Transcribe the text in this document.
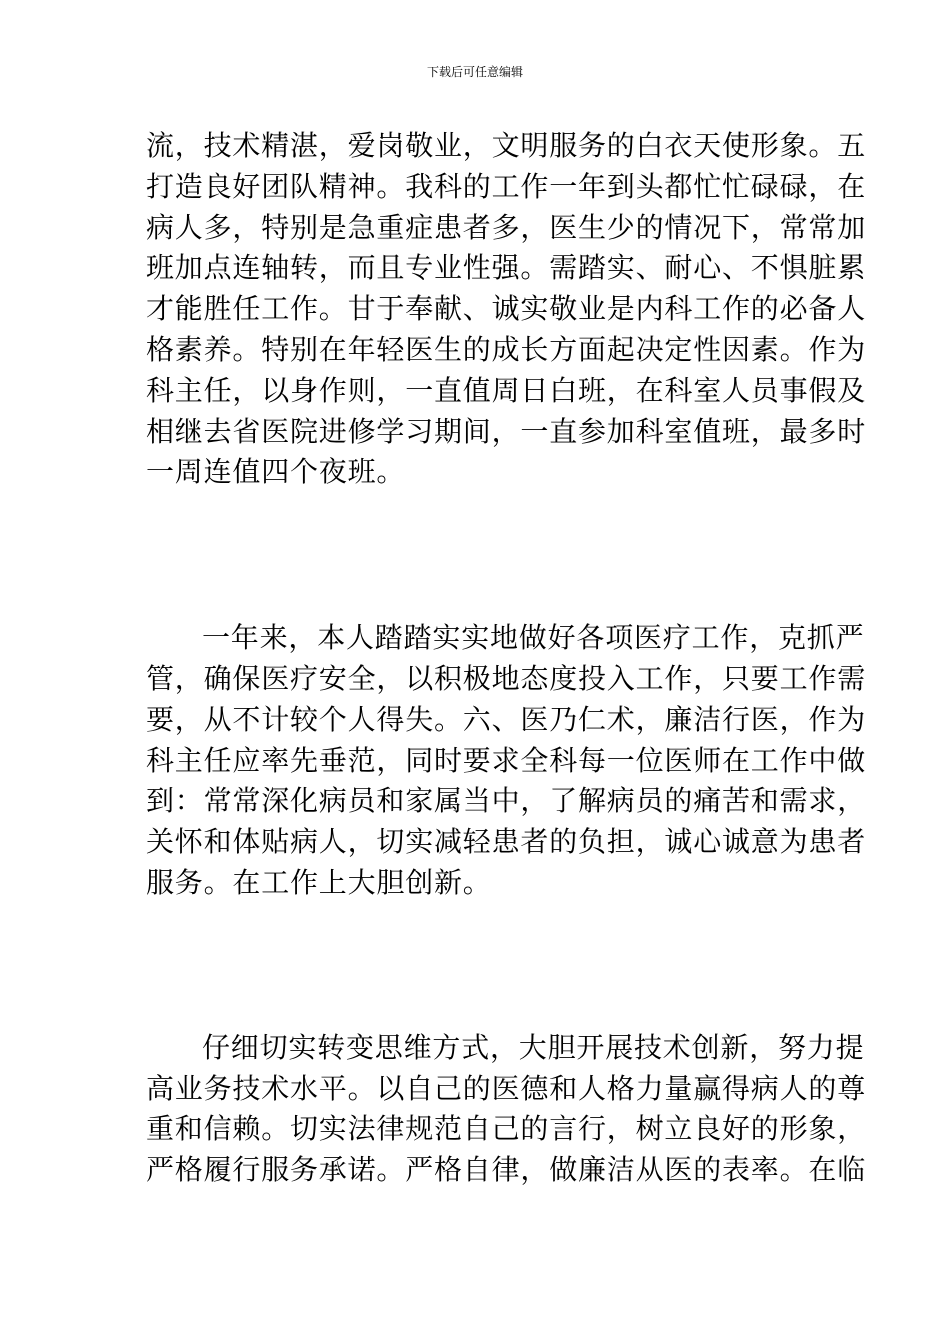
下载后可任意编辑
流，技术精湛，爱岗敬业，文明服务的白衣天使形象。五
打造良好团队精神。我科的工作一年到头都忙忙碌碌，在
病人多，特别是急重症患者多，医生少的情况下，常常加
班加点连轴转，而且专业性强。需踏实、耐心、不惧脏累
才能胜任工作。甘于奉献、诚实敬业是内科工作的必备人
格素养。特别在年轻医生的成长方面起决定性因素。作为
科主任，以身作则，一直值周日白班，在科室人员事假及
相继去省医院进修学习期间，一直参加科室值班，最多时
一周连值四个夜班。
一年来，本人踏踏实实地做好各项医疗工作，克抓严
管，确保医疗安全，以积极地态度投入工作，只要工作需
要，从不计较个人得失。六、医乃仁术，廉洁行医，作为
科主任应率先垂范，同时要求全科每一位医师在工作中做
到：常常深化病员和家属当中，了解病员的痛苦和需求，
关怀和体贴病人，切实减轻患者的负担，诚心诚意为患者
服务。在工作上大胆创新。
仔细切实转变思维方式，大胆开展技术创新，努力提
高业务技术水平。以自己的医德和人格力量赢得病人的尊
重和信赖。切实法律规范自己的言行，树立良好的形象，
严格履行服务承诺。严格自律，做廉洁从医的表率。在临
